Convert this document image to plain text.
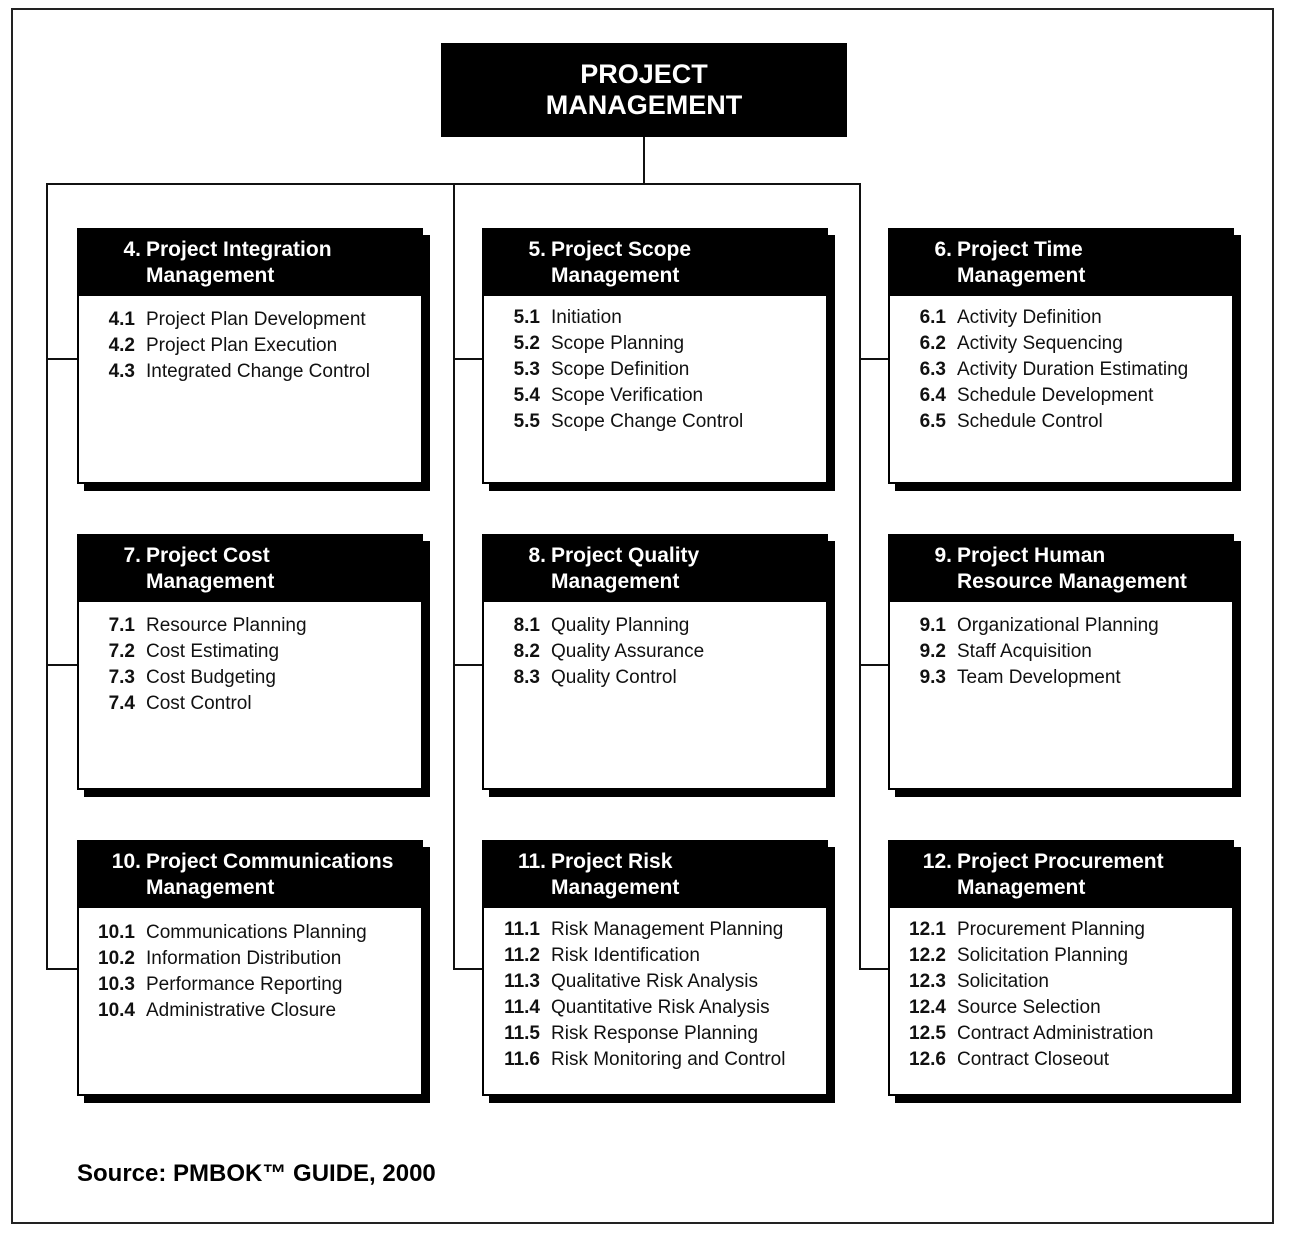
PROJECT
MANAGEMENT
4. Project Integration
Management
4.1 Project Plan Development
4.2 Project Plan Execution
4.3 Integrated Change Control
5. Project Scope
Management
5.1 Initiation
5.2 Scope Planning
5.3 Scope Definition
5.4 Scope Verification
5.5 Scope Change Control
6. Project Time
Management
6.1 Activity Definition
6.2 Activity Sequencing
6.3 Activity Duration Estimating
6.4 Schedule Development
6.5 Schedule Control
7. Project Cost
Management
7.1 Resource Planning
7.2 Cost Estimating
7.3 Cost Budgeting
7.4 Cost Control
8. Project Quality
Management
8.1 Quality Planning
8.2 Quality Assurance
8.3 Quality Control
9. Project Human
Resource Management
9.1 Organizational Planning
9.2 Staff Acquisition
9.3 Team Development
10. Project Communications
Management
10.1 Communications Planning
10.2 Information Distribution
10.3 Performance Reporting
10.4 Administrative Closure
11. Project Risk
Management
11.1 Risk Management Planning
11.2 Risk Identification
11.3 Qualitative Risk Analysis
11.4 Quantitative Risk Analysis
11.5 Risk Response Planning
11.6 Risk Monitoring and Control
12. Project Procurement
Management
12.1 Procurement Planning
12.2 Solicitation Planning
12.3 Solicitation
12.4 Source Selection
12.5 Contract Administration
12.6 Contract Closeout
Source: PMBOK™ GUIDE, 2000
